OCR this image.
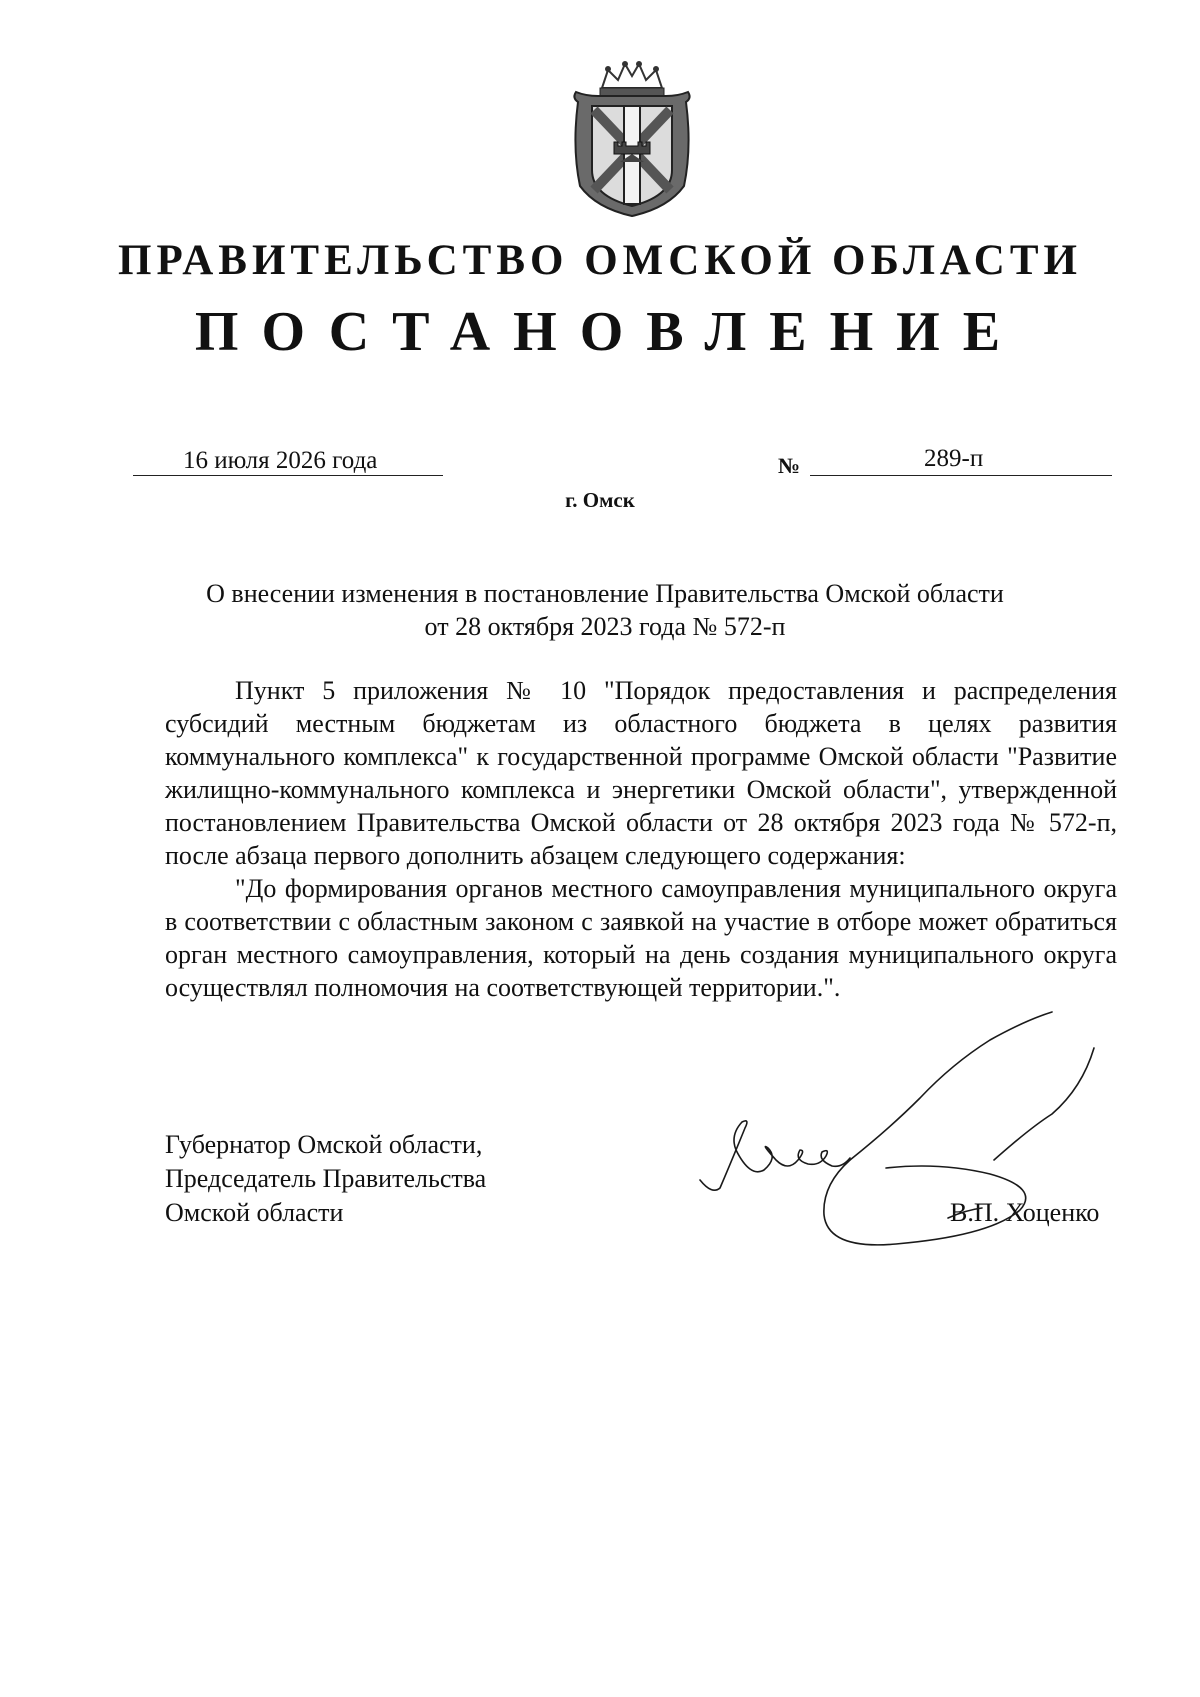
ПРАВИТЕЛЬСТВО ОМСКОЙ ОБЛАСТИ
ПОСТАНОВЛЕНИЕ
16 июля 2026 года	№	289-п
г. Омск
О внесении изменения в постановление Правительства Омской области
от 28 октября 2023 года № 572-п

Пункт 5 приложения № 10 "Порядок предоставления и распределения субсидий местным бюджетам из областного бюджета в целях развития коммунального комплекса" к государственной программе Омской области "Развитие жилищно-коммунального комплекса и энергетики Омской области", утвержденной постановлением Правительства Омской области от 28 октября 2023 года № 572-п, после абзаца первого дополнить абзацем следующего содержания:

"До формирования органов местного самоуправления муниципального округа в соответствии с областным законом с заявкой на участие в отборе может обратиться орган местного самоуправления, который на день создания муниципального округа осуществлял полномочия на соответствующей территории.".

Губернатор Омской области,
Председатель Правительства
Омской области	В.П. Хоценко
